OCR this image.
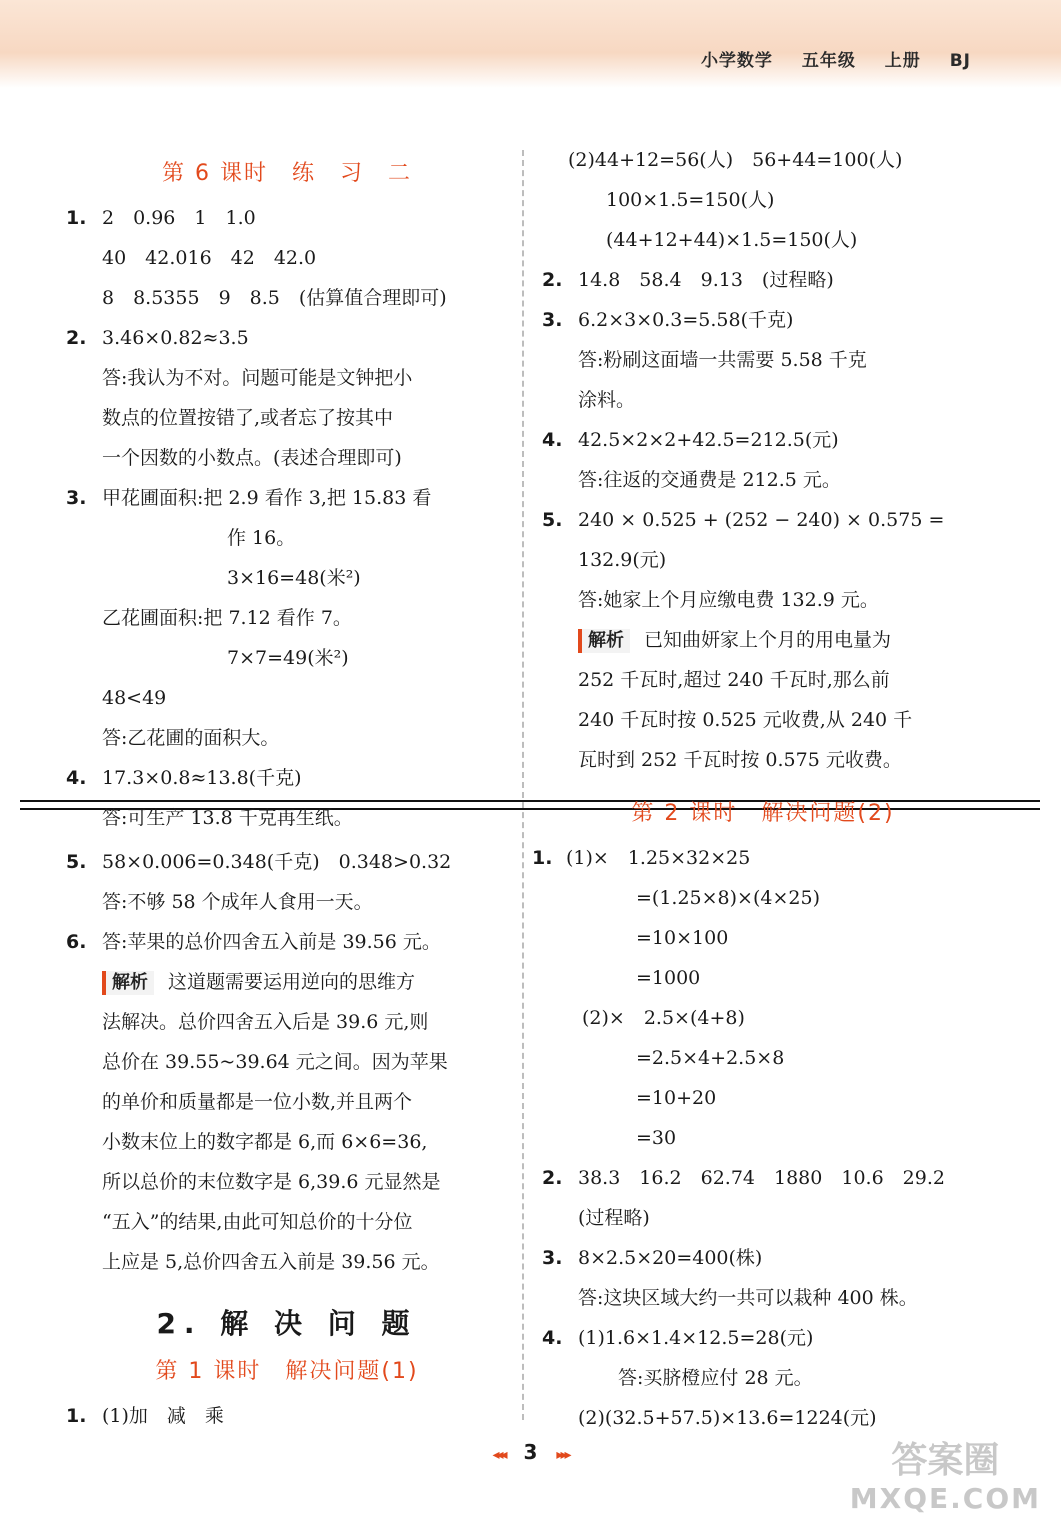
小学数学 五年级 上册 BJ
第 6 课时　练　习　二
1. 2　0.96　1　1.0
40　42.016　42　42.0
8　8.5355　9　8.5　(估算值合理即可)
2. 3.46×0.82≈3.5
答:我认为不对。问题可能是文钟把小
数点的位置按错了,或者忘了按其中
一个因数的小数点。(表述合理即可)
3. 甲花圃面积:把 2.9 看作 3,把 15.83 看
作 16。
3×16=48(米²)
乙花圃面积:把 7.12 看作 7。
7×7=49(米²)
48<49
答:乙花圃的面积大。
4. 17.3×0.8≈13.8(千克)
答:可生产 13.8 千克再生纸。
5. 58×0.006=0.348(千克)　0.348>0.32
答:不够 58 个成年人食用一天。
6. 答:苹果的总价四舍五入前是 39.56 元。
解析 这道题需要运用逆向的思维方
法解决。总价四舍五入后是 39.6 元,则
总价在 39.55~39.64 元之间。因为苹果
的单价和质量都是一位小数,并且两个
小数末位上的数字都是 6,而 6×6=36,
所以总价的末位数字是 6,39.6 元显然是
“五入”的结果,由此可知总价的十分位
上应是 5,总价四舍五入前是 39.56 元。
2. 解 决 问 题
第 1 课时　解决问题(1)
1. (1)加　减　乘
(2)44+12=56(人)　56+44=100(人)
100×1.5=150(人)
(44+12+44)×1.5=150(人)
2. 14.8　58.4　9.13　(过程略)
3. 6.2×3×0.3=5.58(千克)
答:粉刷这面墙一共需要 5.58 千克
涂料。
4. 42.5×2×2+42.5=212.5(元)
答:往返的交通费是 212.5 元。
5. 240 × 0.525 + (252 − 240) × 0.575 =
132.9(元)
答:她家上个月应缴电费 132.9 元。
解析 已知曲妍家上个月的用电量为
252 千瓦时,超过 240 千瓦时,那么前
240 千瓦时按 0.525 元收费,从 240 千
瓦时到 252 千瓦时按 0.575 元收费。
第 2 课时　解决问题(2)
1. (1)×　1.25×32×25
=(1.25×8)×(4×25)
=10×100
=1000
(2)×　2.5×(4+8)
=2.5×4+2.5×8
=10+20
=30
2. 38.3　16.2　62.74　1880　10.6　29.2
(过程略)
3. 8×2.5×20=400(株)
答:这块区域大约一共可以栽种 400 株。
4. (1)1.6×1.4×12.5=28(元)
答:买脐橙应付 28 元。
(2)(32.5+57.5)×13.6=1224(元)
◂◂◂ 3 ▸▸▸	答案圈
MXQE.COM
